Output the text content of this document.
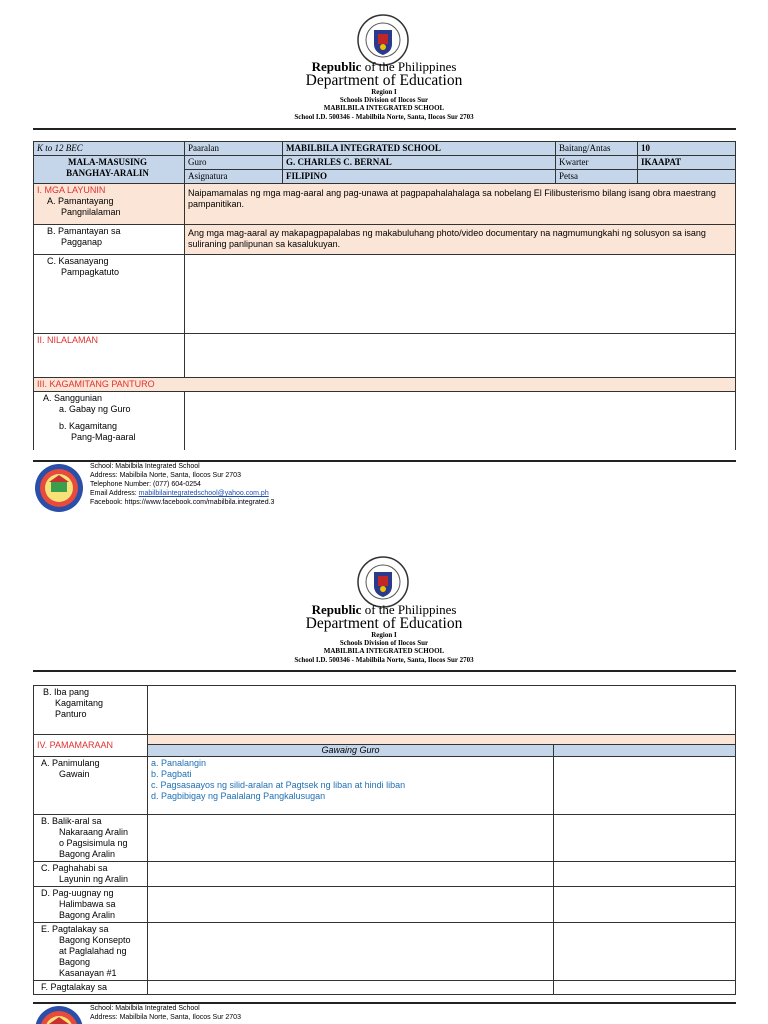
Republic of the Philippines
Department of Education
Region I
Schools Division of Ilocos Sur
MABILBILA INTEGRATED SCHOOL
School I.D. 500346 - Mabilbila Norte, Santa, Ilocos Sur 2703
K to 12 BEC	Paaralan	MABILBILA INTEGRATED SCHOOL	Baitang/Antas	10

MALA-MASUSING
BANGHAY-ARALIN	Guro	G. CHARLES C. BERNAL	Kwarter	IKAAPAT
	Asignatura	FILIPINO	Petsa	

I. MGA LAYUNIN
A. Pamantayang
Pangnilalaman	Naipamamalas ng mga mag-aaral ang pag-unawa at pagpapahalahalaga sa nobelang El Filibusterismo bilang isang obra maestrang pampanitikan.			

B. Pamantayan sa
Pagganap	Ang mga mag-aaral ay makapagpapalabas ng makabuluhang photo/video documentary na nagmumungkahi ng solusyon sa isang suliraning panlipunan sa kasalukuyan.			

C. Kasanayang
Pampagkatuto				

II. NILALAMAN				
III. KAGAMITANG PANTURO				

A. Sanggunian
a. Gabay ng Guro
b. Kagamitang
Pang-Mag-aaral				

School: Mabilbila Integrated School
Address: Mabilbila Norte, Santa, Ilocos Sur 2703
Telephone Number: (077) 604-0254
Email Address: mabilbilaintegratedschool@yahoo.com.ph
Facebook: https://www.facebook.com/mabilbila.integrated.3
Republic of the Philippines
Department of Education
Region I
Schools Division of Ilocos Sur
MABILBILA INTEGRATED SCHOOL
School I.D. 500346 - Mabilbila Norte, Santa, Ilocos Sur 2703
B. Iba pang
Kagamitang
Panturo		

IV. PAMAMARAAN	Gawaing Guro	

A. Panimulang
Gawain	a. Panalangin
b. Pagbati
c. Pagsasaayos ng silid-aralan at Pagtsek ng liban at hindi liban
d. Pagbibigay ng Paalalang Pangkalusugan	

B. Balik-aral sa
Nakaraang Aralin
o Pagsisimula ng
Bagong Aralin		

C. Paghahabi sa
Layunin ng Aralin		

D. Pag-uugnay ng
Halimbawa sa
Bagong Aralin		

E. Pagtalakay sa
Bagong Konsepto
at Paglalahad ng
Bagong
Kasanayan #1		

F. Pagtalakay sa		

School: Mabilbila Integrated School
Address: Mabilbila Norte, Santa, Ilocos Sur 2703
